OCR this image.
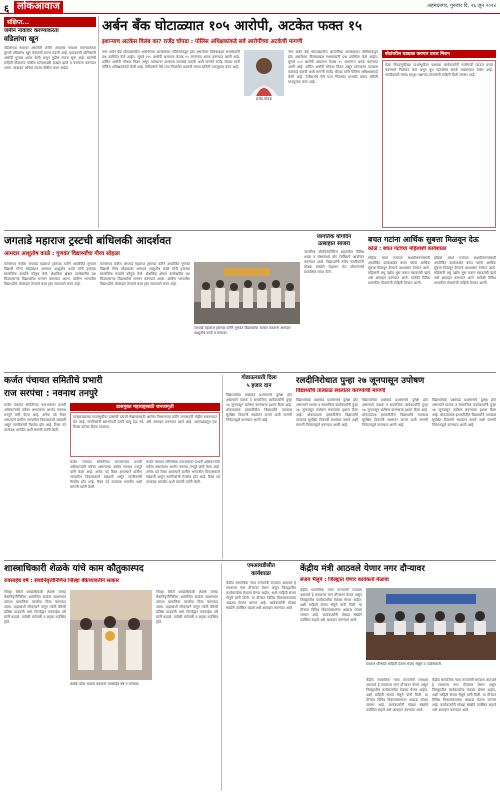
६ लोकआवाज	अहमदनगर, गुरुवार दि. २६ जून २०२४
संक्षिप्त...
जमीन नावावर करण्याकरता
वडिलांचा खून
वडिलांच्या नावावर असलेली जमीन आपल्या नावावर करण्याकरता मुलाने वडिलांचा खून केल्याची घटना घडली आहे. याप्रकरणी पोलिसांनी आरोपी मुलास अटक केली असून पुढील तपास सुरू आहे. घटनेची माहिती मिळताच पोलीस घटनास्थळी दाखल झाले व पंचनामा करण्यात आला. याबाबत अधिक तपास पोलीस करत आहेत.
अर्बन बँक घोटाळ्यात १०५ आरोपी, अटकेत फक्त १५
इशाऱ्याच अटकेस विलंब का? राजेंद्र चोपडा : पोलिस अधिक्षकांकडे सर्व आरोपींच्या अटकेची मागणी
नगर अर्बन बँक घोटाळ्यातील आरोपींच्या अटकेबाबत पोलिसांकडून होत असलेल्या विलंबाबद्दल सभासदांनी प्रश्न उपस्थित केले आहेत. सुमारे १०५ आरोपी असताना केवळ १५ जणांनाच अटक करण्यात आली आहे. उर्वरित आरोपी मोकाट फिरत असून त्यांच्यावर तात्काळ कारवाई करावी अशी मागणी राजेंद्र चोपडा यांनी पोलिस अधिक्षकांकडे केली आहे. ठेवीदारांचे पैसे परत मिळावेत यासाठी बचाव समिती पाठपुरावा करत आहे.
राजेंद्र चोपडा
नगर अर्बन बँक घोटाळ्यातील आरोपींच्या अटकेबाबत पोलिसांकडून होत असलेल्या विलंबाबद्दल सभासदांनी प्रश्न उपस्थित केले आहेत. सुमारे १०५ आरोपी असताना केवळ १५ जणांनाच अटक करण्यात आली आहे. उर्वरित आरोपी मोकाट फिरत असून त्यांच्यावर तात्काळ कारवाई करावी अशी मागणी राजेंद्र चोपडा यांनी पोलिस अधिक्षकांकडे केली आहे. ठेवीदारांचे पैसे परत मिळावेत यासाठी बचाव समिती पाठपुरावा करत आहे.
बोटांवरील घड्याळ करणार प्रचार मिशन
येत्या निवडणुकीच्या पार्श्वभूमीवर पक्षाच्या कार्यकर्त्यांनी गावोगावी जाऊन प्रचार करण्याचे नियोजन केले असून बूथ पातळीवर संपर्क वाढवण्यात येणार आहे. नागरिकांशी संवाद साधून पक्षाच्या योजनांची माहिती दिली जाणार आहे.
जगताडे महाराज ट्रस्टची बांधिलकी आदर्शवत
आमदार आशुतोष काळे : गुणवंत विद्यार्थ्यांचा गौरव सोहळा
कोपरगाव येथील जगताडे महाराज ट्रस्टच्या वतीने आयोजित गुणवंत विद्यार्थी गौरव सोहळ्यात आमदार आशुतोष काळे यांनी ट्रस्टच्या सामाजिक कार्याचे कौतुक केले. शैक्षणिक क्षेत्रात उल्लेखनीय यश मिळवणाऱ्या विद्यार्थ्यांचा सन्मान करण्यात आला. ग्रामीण भागातील विद्यार्थ्यांना प्रोत्साहन देण्याचे काम ट्रस्ट सातत्याने करत आहे.
कोपरगाव येथील जगताडे महाराज ट्रस्टच्या वतीने आयोजित गुणवंत विद्यार्थी गौरव सोहळ्यात आमदार आशुतोष काळे यांनी ट्रस्टच्या सामाजिक कार्याचे कौतुक केले. शैक्षणिक क्षेत्रात उल्लेखनीय यश मिळवणाऱ्या विद्यार्थ्यांचा सन्मान करण्यात आला. ग्रामीण भागातील विद्यार्थ्यांना प्रोत्साहन देण्याचे काम ट्रस्ट सातत्याने करत आहे.
जगताडे महाराज ट्रस्टच्या वतीने गुणवंत विद्यार्थ्यांचा सत्कार करताना आमदार आशुतोष काळे व मान्यवर.
जागतिक योगदिन
उत्साहात साजरा
जागतिक योगदिनानिमित्त शहरातील विविध शाळा व संस्थांमध्ये योग शिबिराचे आयोजन करण्यात आले. विद्यार्थ्यांनी तसेच नागरिकांनी मोठ्या संख्येने सहभाग घेत योगासनांचे प्रात्यक्षिक सादर केले.
बचत गटांना आर्थिक सुबत्ता मिळवून देऊ
कोळे : बचत गटांच्या महिलांशी कार्यशाळा
महिला बचत गटांच्या सक्षमीकरणासाठी आयोजित कार्यशाळेत बचत गटांना आर्थिक सुबत्ता मिळवून देण्याचे आश्वासन देण्यात आले. महिलांनी लघु उद्योग सुरू करून स्वावलंबी व्हावे असे आवाहन करण्यात आले. यावेळी विविध शासकीय योजनांची माहिती देण्यात आली.
महिला बचत गटांच्या सक्षमीकरणासाठी आयोजित कार्यशाळेत बचत गटांना आर्थिक सुबत्ता मिळवून देण्याचे आश्वासन देण्यात आले. महिलांनी लघु उद्योग सुरू करून स्वावलंबी व्हावे असे आवाहन करण्यात आले. यावेळी विविध शासकीय योजनांची माहिती देण्यात आली.
कर्जत पंचायत समितीचे प्रभारी
राज सरपंचा : नवनाथ तनपुरे
कर्जत पंचायत समितीच्या कारभारावर प्रभारी अधिकाऱ्यांचे वर्चस्व असल्याचा आरोप नवनाथ तनपुरे यांनी केला आहे. अनेक पदे रिक्त असल्याने ग्रामीण भागातील विकासकामे रखडली असून नागरिकांची गैरसोय होत आहे. रिक्त पदे तात्काळ भरावीत अशी मागणी त्यांनी केली.
डासमुक्त महाराष्ट्रसाठी जनजागृती
पावसाळ्याच्या पार्श्वभूमीवर डासांची उत्पत्ती रोखण्यासाठी आरोग्य विभागाच्या वतीने जनजागृती मोहीम राबवण्यात येत आहे. नागरिकांनी घराभोवती पाणी साचू देऊ नये, असे आवाहन करण्यात आले आहे. आठवड्यातून एक दिवस कोरडा दिवस पाळावा.
कर्जत पंचायत समितीच्या कारभारावर प्रभारी अधिकाऱ्यांचे वर्चस्व असल्याचा आरोप नवनाथ तनपुरे यांनी केला आहे. अनेक पदे रिक्त असल्याने ग्रामीण भागातील विकासकामे रखडली असून नागरिकांची गैरसोय होत आहे. रिक्त पदे तात्काळ भरावीत अशी मागणी त्यांनी केली.
कर्जत पंचायत समितीच्या कारभारावर प्रभारी अधिकाऱ्यांचे वर्चस्व असल्याचा आरोप नवनाथ तनपुरे यांनी केला आहे. अनेक पदे रिक्त असल्याने ग्रामीण भागातील विकासकामे रखडली असून नागरिकांची गैरसोय होत आहे. रिक्त पदे तात्काळ भरावीत अशी मागणी त्यांनी केली.
गोडाऊनप्रती दिला
५ हजार दान
विद्यार्थ्यांच्या प्रश्नांकडे प्रशासनाचे दुर्लक्ष होत असल्याने पालक व सामाजिक कार्यकर्त्यांनी पुन्हा २७ जूनपासून उपोषण करण्याचा इशारा दिला आहे. धोकादायक इमारतीतील विद्यार्थ्यांचे तात्काळ सुरक्षित ठिकाणी स्थलांतर करावे अशी मागणी निवेदनाद्वारे करण्यात आली आहे.
रलदीनिरोधात पुन्हा २७ जूनपासून उपोषण
विद्यार्थ्यांचे तात्काळ स्थलांतर करण्याची मागणी
विद्यार्थ्यांच्या प्रश्नांकडे प्रशासनाचे दुर्लक्ष होत असल्याने पालक व सामाजिक कार्यकर्त्यांनी पुन्हा २७ जूनपासून उपोषण करण्याचा इशारा दिला आहे. धोकादायक इमारतीतील विद्यार्थ्यांचे तात्काळ सुरक्षित ठिकाणी स्थलांतर करावे अशी मागणी निवेदनाद्वारे करण्यात आली आहे.
विद्यार्थ्यांच्या प्रश्नांकडे प्रशासनाचे दुर्लक्ष होत असल्याने पालक व सामाजिक कार्यकर्त्यांनी पुन्हा २७ जूनपासून उपोषण करण्याचा इशारा दिला आहे. धोकादायक इमारतीतील विद्यार्थ्यांचे तात्काळ सुरक्षित ठिकाणी स्थलांतर करावे अशी मागणी निवेदनाद्वारे करण्यात आली आहे.
विद्यार्थ्यांच्या प्रश्नांकडे प्रशासनाचे दुर्लक्ष होत असल्याने पालक व सामाजिक कार्यकर्त्यांनी पुन्हा २७ जूनपासून उपोषण करण्याचा इशारा दिला आहे. धोकादायक इमारतीतील विद्यार्थ्यांचे तात्काळ सुरक्षित ठिकाणी स्थलांतर करावे अशी मागणी निवेदनाद्वारे करण्यात आली आहे.
शास्त्राधिकारी शेळके यांचे काम कौतुकास्पद
रावसाहेब वर्षे : सेवानिवृत्तीनिमित्त जिल्हा बँकेच्यावतीने सत्कार
जिल्हा बँकेचे शाखाधिकारी शेळके यांच्या सेवानिवृत्तीनिमित्त आयोजित सत्कार समारंभात त्यांच्या प्रामाणिक कार्याचा गौरव करण्यात आला. ग्राहकांशी सौजन्याने वागून त्यांनी बँकेची प्रतिष्ठा वाढवली असे गौरवोद्गार रावसाहेब वर्षे यांनी काढले. यावेळी कर्मचारी व ग्राहक उपस्थित होते.
शेळके यांचा सत्कार करताना रावसाहेब वर्षे व मान्यवर.
जिल्हा बँकेचे शाखाधिकारी शेळके यांच्या सेवानिवृत्तीनिमित्त आयोजित सत्कार समारंभात त्यांच्या प्रामाणिक कार्याचा गौरव करण्यात आला. ग्राहकांशी सौजन्याने वागून त्यांनी बँकेची प्रतिष्ठा वाढवली असे गौरवोद्गार रावसाहेब वर्षे यांनी काढले. यावेळी कर्मचारी व ग्राहक उपस्थित होते.
एमआयडीसीत
कार्यशाळा
केंद्रीय सामाजिक न्याय राज्यमंत्री रामदास आठवले हे लवकरच नगर दौऱ्यावर येणार असून जिल्ह्यातील कार्यकर्त्यांचा मेळावा घेणार आहेत, अशी माहिती संजय भैलुमे यांनी दिली. या दौऱ्यात विविध विकासकामांचा आढावा घेतला जाणार आहे. कार्यकर्त्यांनी मोठ्या संख्येने उपस्थित राहावे असे आवाहन करण्यात आले.
केंद्रीय मंत्री आठवले येणार नगर दौऱ्यावर
संजय भैलुमे : जिल्ह्यात घेणार कार्यकर्ता मेळावा
केंद्रीय सामाजिक न्याय राज्यमंत्री रामदास आठवले हे लवकरच नगर दौऱ्यावर येणार असून जिल्ह्यातील कार्यकर्त्यांचा मेळावा घेणार आहेत, अशी माहिती संजय भैलुमे यांनी दिली. या दौऱ्यात विविध विकासकामांचा आढावा घेतला जाणार आहे. कार्यकर्त्यांनी मोठ्या संख्येने उपस्थित राहावे असे आवाहन करण्यात आले.
पत्रकार परिषदेत माहिती देताना संजय भैलुमे व पदाधिकारी.
केंद्रीय सामाजिक न्याय राज्यमंत्री रामदास आठवले हे लवकरच नगर दौऱ्यावर येणार असून जिल्ह्यातील कार्यकर्त्यांचा मेळावा घेणार आहेत, अशी माहिती संजय भैलुमे यांनी दिली. या दौऱ्यात विविध विकासकामांचा आढावा घेतला जाणार आहे. कार्यकर्त्यांनी मोठ्या संख्येने उपस्थित राहावे असे आवाहन करण्यात आले.
केंद्रीय सामाजिक न्याय राज्यमंत्री रामदास आठवले हे लवकरच नगर दौऱ्यावर येणार असून जिल्ह्यातील कार्यकर्त्यांचा मेळावा घेणार आहेत, अशी माहिती संजय भैलुमे यांनी दिली. या दौऱ्यात विविध विकासकामांचा आढावा घेतला जाणार आहे. कार्यकर्त्यांनी मोठ्या संख्येने उपस्थित राहावे असे आवाहन करण्यात आले.
